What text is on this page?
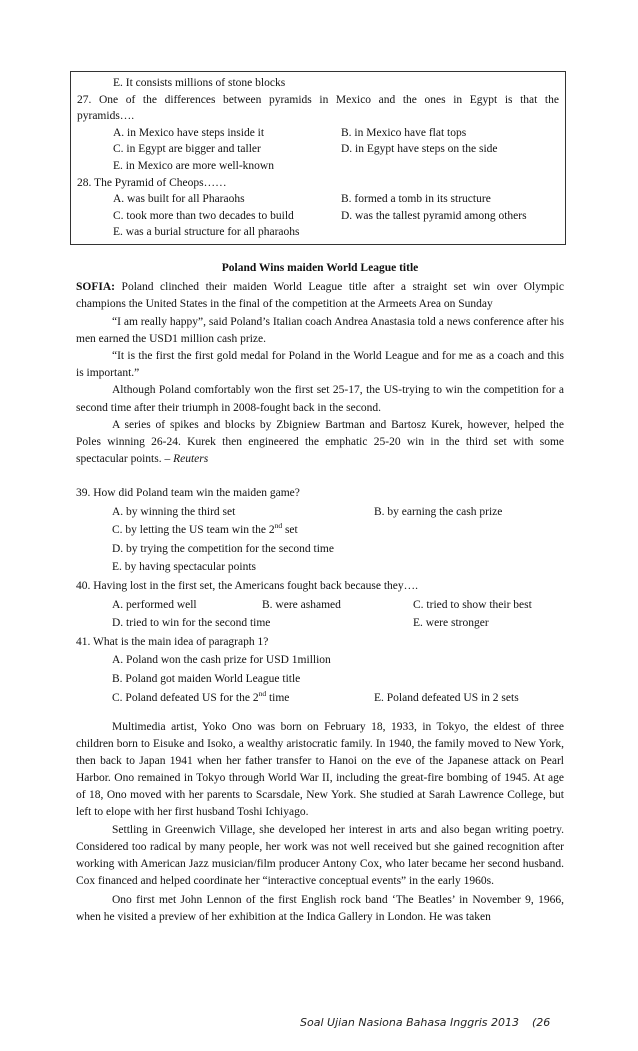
E. It consists millions of stone blocks
27. One of the differences between pyramids in Mexico and the ones in Egypt is that the
pyramids….
A. in Mexico have steps inside it	B. in Mexico have flat tops
C. in Egypt are bigger and taller	D. in Egypt have steps on the side
E. in Mexico are more well-known
28. The Pyramid of Cheops……
A. was built for all Pharaohs	B. formed a tomb in its structure
C. took more than two decades to build	D. was the tallest pyramid among others
E. was a burial structure for all pharaohs
Poland Wins maiden World League title

SOFIA: Poland clinched their maiden World League title after a straight set win over Olympic champions the United States in the final of the competition at the Armeets Area on Sunday

“I am really happy”, said Poland’s Italian coach Andrea Anastasia told a news conference after his men earned the USD1 million cash prize.

“It is the first the first gold medal for Poland in the World League and for me as a coach and this is important.”

Although Poland comfortably won the first set 25-17, the US-trying to win the competition for a second time after their triumph in 2008-fought back in the second.

A series of spikes and blocks by Zbigniew Bartman and Bartosz Kurek, however, helped the Poles winning 26-24. Kurek then engineered the emphatic 25-20 win in the third set with some spectacular points. – Reuters

39. How did Poland team win the maiden game?
A. by winning the third set	B. by earning the cash prize
C. by letting the US team win the 2nd set
D. by trying the competition for the second time
E. by having spectacular points
40. Having lost in the first set, the Americans fought back because they….
A. performed well	B. were ashamed	C. tried to show their best
D. tried to win for the second time	E. were stronger
41. What is the main idea of paragraph 1?
A. Poland won the cash prize for USD 1million
B. Poland got maiden World League title
C. Poland defeated US for the 2nd time	E. Poland defeated US in 2 sets

Multimedia artist, Yoko Ono was born on February 18, 1933, in Tokyo, the eldest of three children born to Eisuke and Isoko, a wealthy aristocratic family. In 1940, the family moved to New York, then back to Japan 1941 when her father transfer to Hanoi on the eve of the Japanese attack on Pearl Harbor. Ono remained in Tokyo through World War II, including the great-fire bombing of 1945. At age of 18, Ono moved with her parents to Scarsdale, New York. She studied at Sarah Lawrence College, but left to elope with her first husband Toshi Ichiyago.

Settling in Greenwich Village, she developed her interest in arts and also began writing poetry. Considered too radical by many people, her work was not well received but she gained recognition after working with American Jazz musician/film producer Antony Cox, who later became her second husband. Cox financed and helped coordinate her “interactive conceptual events” in the early 1960s.

Ono first met John Lennon of the first English rock band ‘The Beatles’ in November 9, 1966, when he visited a preview of her exhibition at the Indica Gallery in London. He was taken

Soal Ujian Nasiona Bahasa Inggris 2013 (26
